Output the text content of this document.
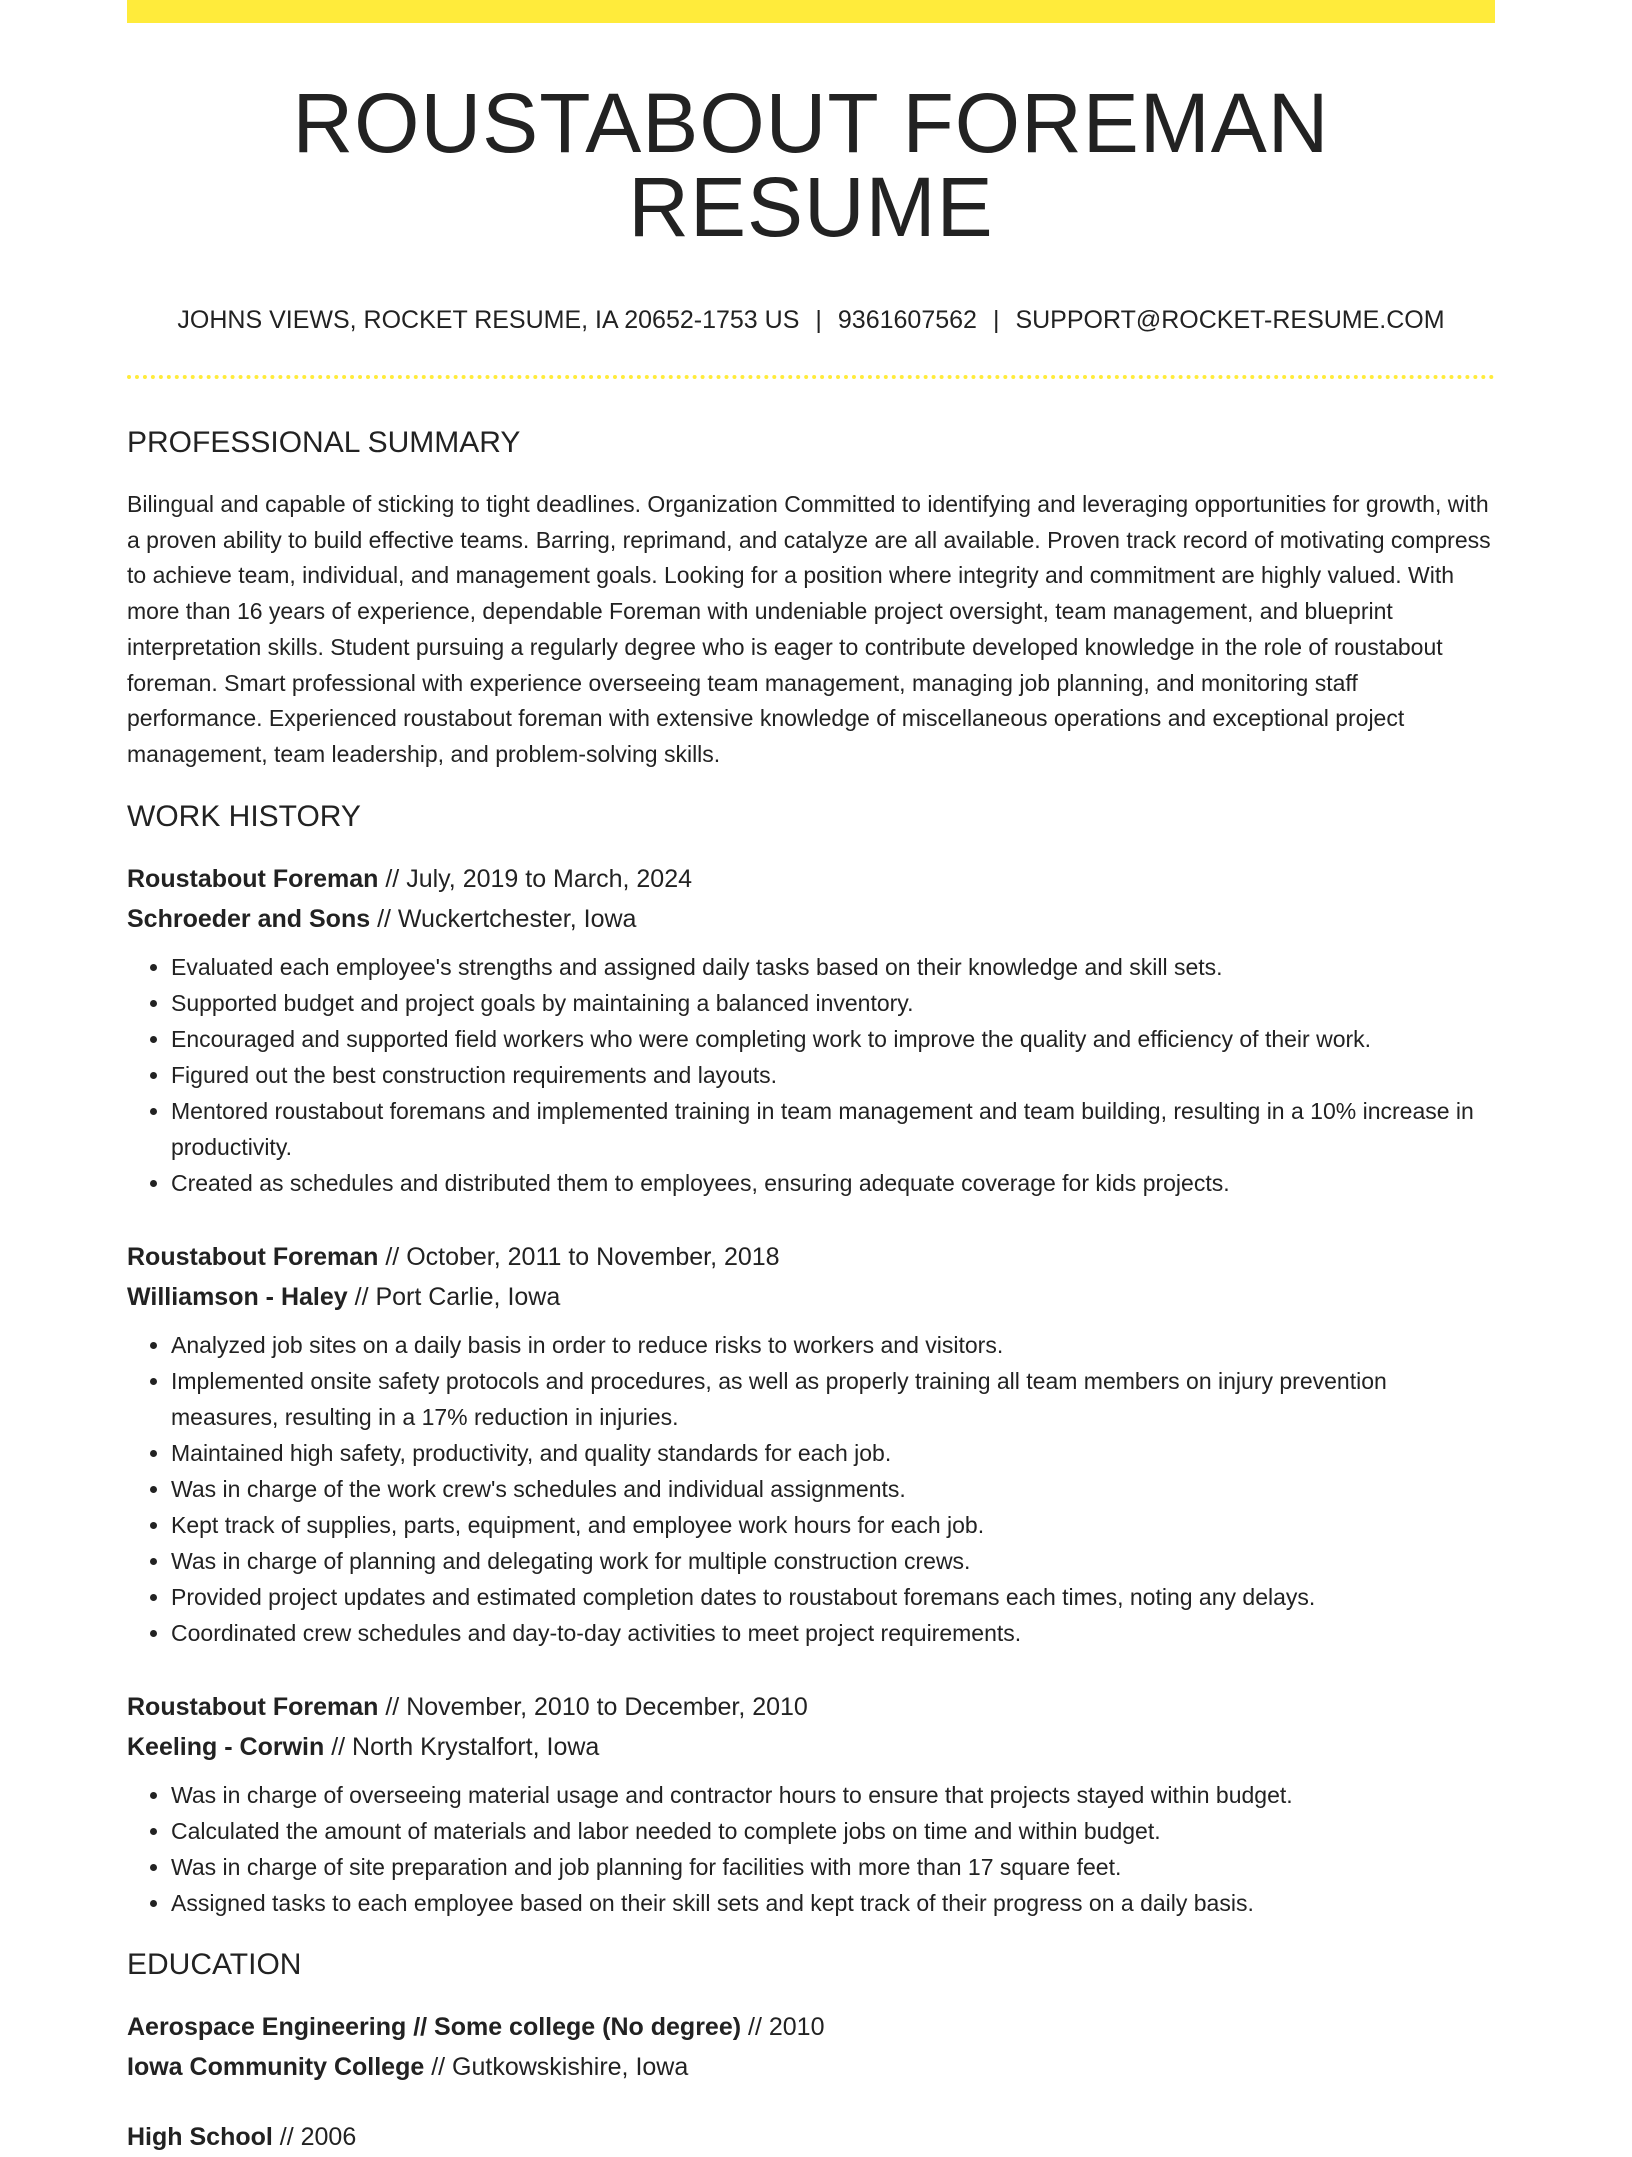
ROUSTABOUT FOREMAN RESUME
JOHNS VIEWS, ROCKET RESUME, IA 20652-1753 US | 9361607562 | SUPPORT@ROCKET-RESUME.COM
PROFESSIONAL SUMMARY

Bilingual and capable of sticking to tight deadlines. Organization Committed to identifying and leveraging opportunities for growth, with a proven ability to build effective teams. Barring, reprimand, and catalyze are all available. Proven track record of motivating compress to achieve team, individual, and management goals. Looking for a position where integrity and commitment are highly valued. With more than 16 years of experience, dependable Foreman with undeniable project oversight, team management, and blueprint interpretation skills. Student pursuing a regularly degree who is eager to contribute developed knowledge in the role of roustabout foreman. Smart professional with experience overseeing team management, managing job planning, and monitoring staff performance. Experienced roustabout foreman with extensive knowledge of miscellaneous operations and exceptional project management, team leadership, and problem-solving skills.

WORK HISTORY
Roustabout Foreman // July, 2019 to March, 2024
Schroeder and Sons // Wuckertchester, Iowa
• Evaluated each employee's strengths and assigned daily tasks based on their knowledge and skill sets.
• Supported budget and project goals by maintaining a balanced inventory.
• Encouraged and supported field workers who were completing work to improve the quality and efficiency of their work.
• Figured out the best construction requirements and layouts.
• Mentored roustabout foremans and implemented training in team management and team building, resulting in a 10% increase in productivity.
• Created as schedules and distributed them to employees, ensuring adequate coverage for kids projects.
Roustabout Foreman // October, 2011 to November, 2018
Williamson - Haley // Port Carlie, Iowa
• Analyzed job sites on a daily basis in order to reduce risks to workers and visitors.
• Implemented onsite safety protocols and procedures, as well as properly training all team members on injury prevention measures, resulting in a 17% reduction in injuries.
• Maintained high safety, productivity, and quality standards for each job.
• Was in charge of the work crew's schedules and individual assignments.
• Kept track of supplies, parts, equipment, and employee work hours for each job.
• Was in charge of planning and delegating work for multiple construction crews.
• Provided project updates and estimated completion dates to roustabout foremans each times, noting any delays.
• Coordinated crew schedules and day-to-day activities to meet project requirements.
Roustabout Foreman // November, 2010 to December, 2010
Keeling - Corwin // North Krystalfort, Iowa
• Was in charge of overseeing material usage and contractor hours to ensure that projects stayed within budget.
• Calculated the amount of materials and labor needed to complete jobs on time and within budget.
• Was in charge of site preparation and job planning for facilities with more than 17 square feet.
• Assigned tasks to each employee based on their skill sets and kept track of their progress on a daily basis.
EDUCATION
Aerospace Engineering // Some college (No degree) // 2010
Iowa Community College // Gutkowskishire, Iowa
High School // 2006
